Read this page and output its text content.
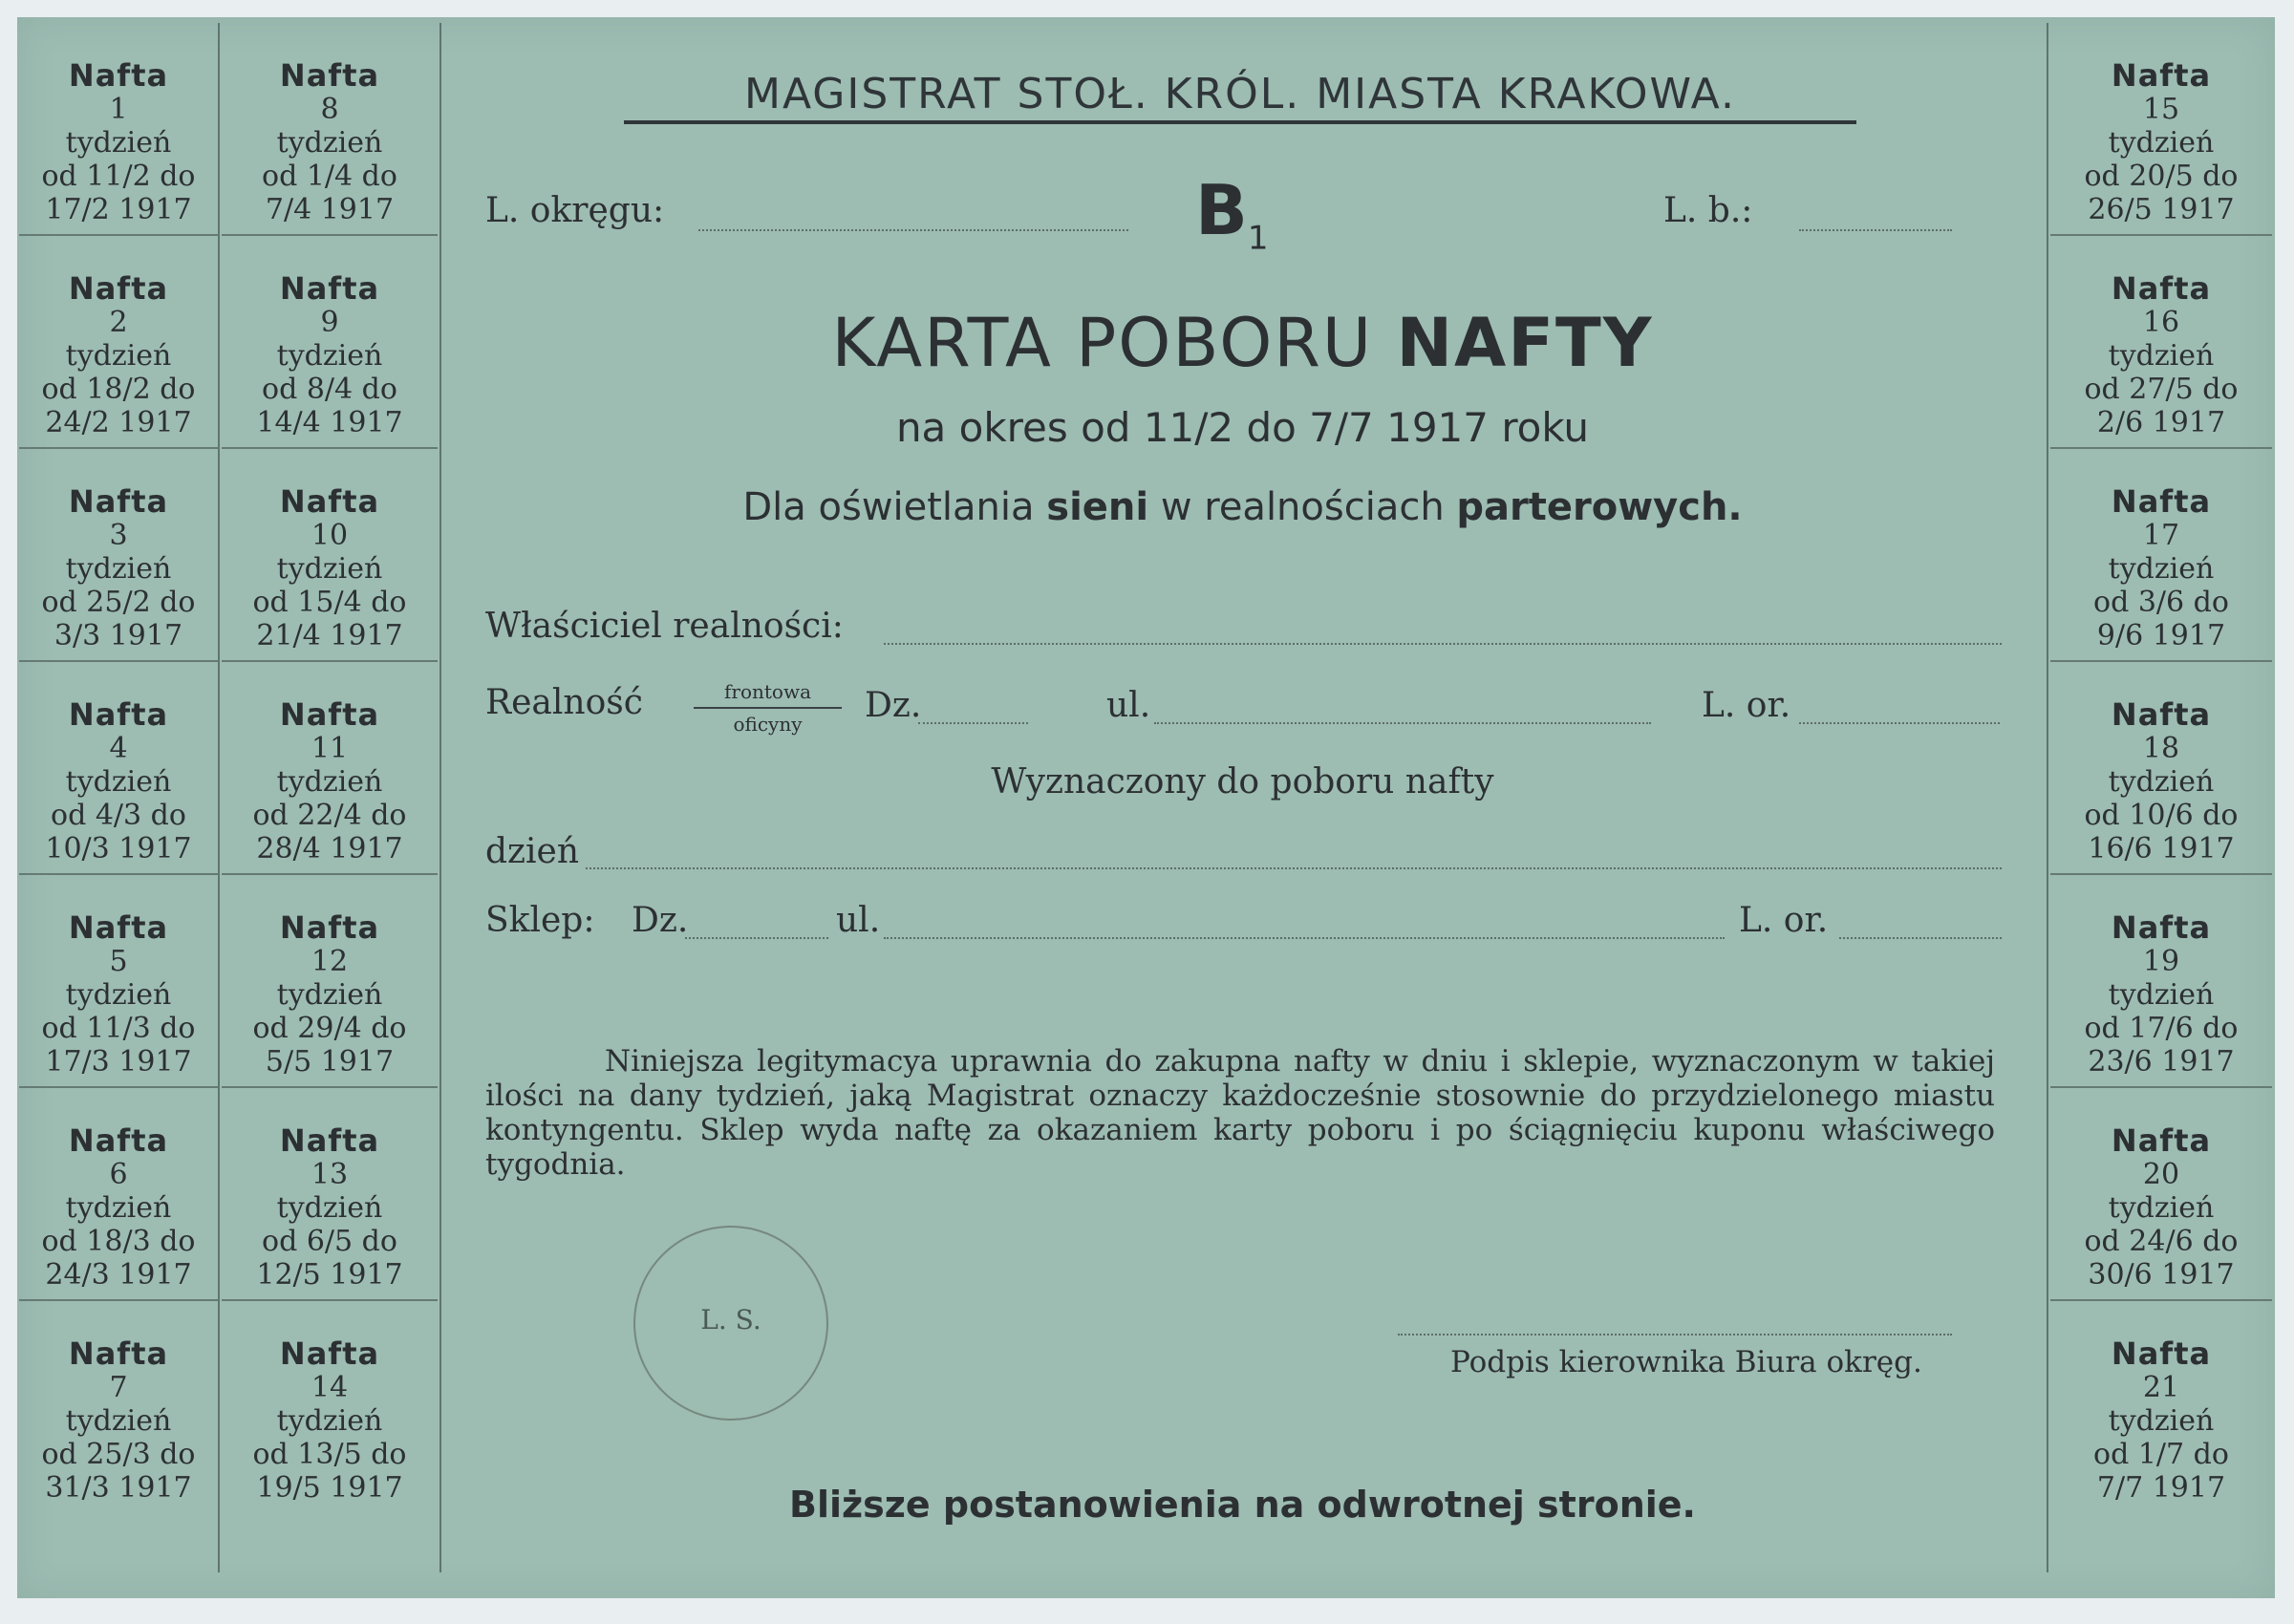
Nafta
1
tydzień
od 11/2 do
17/2 1917
Nafta
2
tydzień
od 18/2 do
24/2 1917
Nafta
3
tydzień
od 25/2 do
3/3 1917
Nafta
4
tydzień
od 4/3 do
10/3 1917
Nafta
5
tydzień
od 11/3 do
17/3 1917
Nafta
6
tydzień
od 18/3 do
24/3 1917
Nafta
7
tydzień
od 25/3 do
31/3 1917
Nafta
8
tydzień
od 1/4 do
7/4 1917
Nafta
9
tydzień
od 8/4 do
14/4 1917
Nafta
10
tydzień
od 15/4 do
21/4 1917
Nafta
11
tydzień
od 22/4 do
28/4 1917
Nafta
12
tydzień
od 29/4 do
5/5 1917
Nafta
13
tydzień
od 6/5 do
12/5 1917
Nafta
14
tydzień
od 13/5 do
19/5 1917
Nafta
15
tydzień
od 20/5 do
26/5 1917
Nafta
16
tydzień
od 27/5 do
2/6 1917
Nafta
17
tydzień
od 3/6 do
9/6 1917
Nafta
18
tydzień
od 10/6 do
16/6 1917
Nafta
19
tydzień
od 17/6 do
23/6 1917
Nafta
20
tydzień
od 24/6 do
30/6 1917
Nafta
21
tydzień
od 1/7 do
7/7 1917
MAGISTRAT STOŁ. KRÓL. MIASTA KRAKOWA.
L. okręgu:	$B_1$
L. b.:
KARTA POBORU NAFTY
na okres od 11/2 do 7/7 1917 roku
Dla oświetlania sieni w realnościach parterowych.
Właściciel realności:
Realność	frontowa
oficyny	Dz.	ul.	L. or.
Wyznaczony do poboru nafty
dzień
Sklep: Dz.	ul.	L. or.
Niniejsza legitymacya uprawnia do zakupna nafty w dniu i sklepie, wyznaczonym w takiej ilości na dany tydzień, jaką Magistrat oznaczy każdocześnie stosownie do przydzielonego miastu kontyngentu. Sklep wyda naftę za okazaniem karty poboru i po ściągnięciu kuponu właściwego tygodnia.
L. S.
Podpis kierownika Biura okręg.
Bliższe postanowienia na odwrotnej stronie.
